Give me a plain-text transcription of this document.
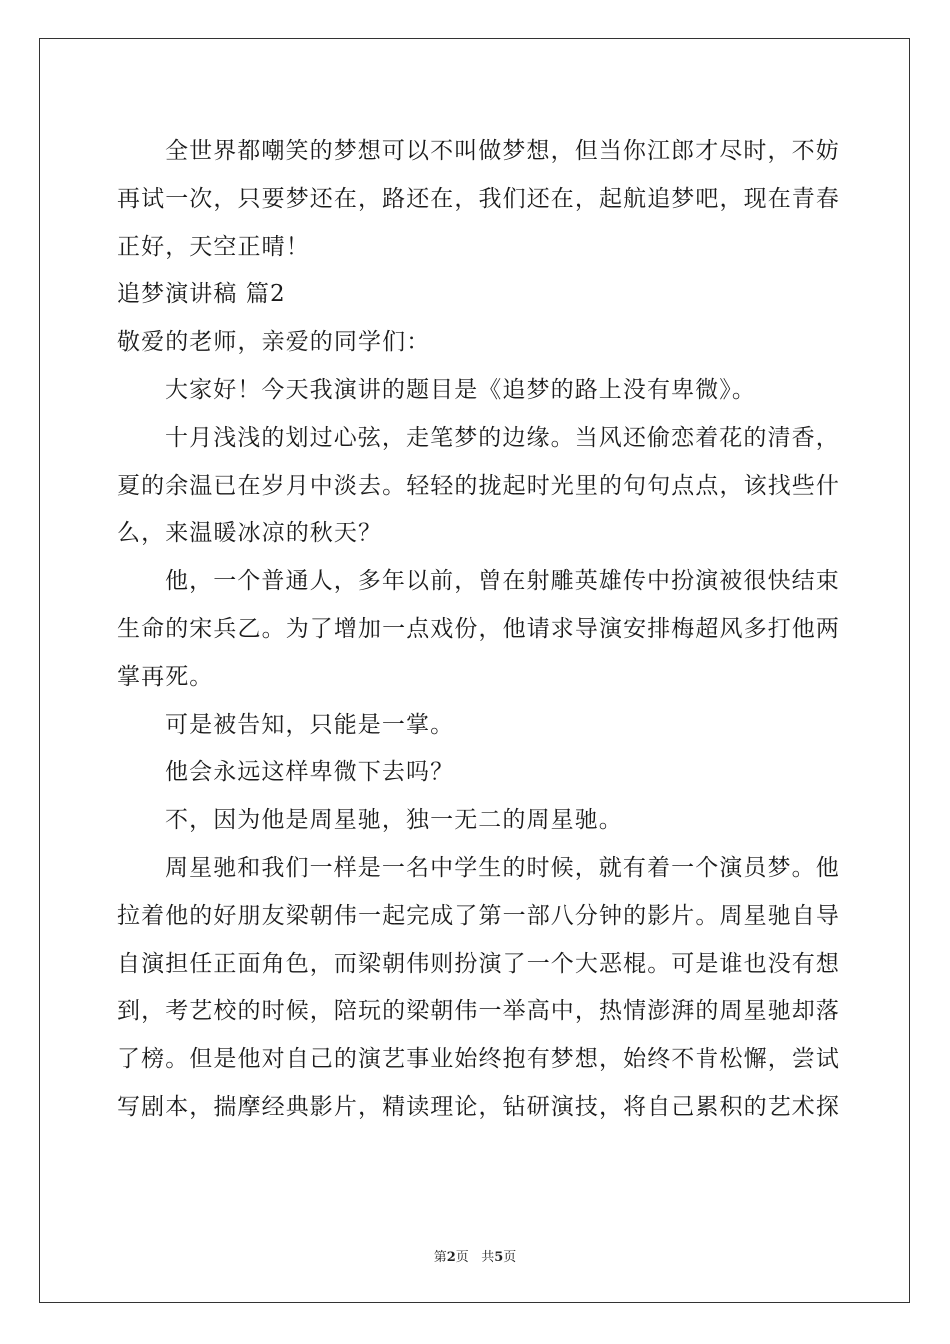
全世界都嘲笑的梦想可以不叫做梦想，但当你江郎才尽时，不妨
再试一次，只要梦还在，路还在，我们还在，起航追梦吧，现在青春
正好，天空正晴！
追梦演讲稿 篇2
敬爱的老师，亲爱的同学们：
大家好！今天我演讲的题目是《追梦的路上没有卑微》。
十月浅浅的划过心弦，走笔梦的边缘。当风还偷恋着花的清香，
夏的余温已在岁月中淡去。轻轻的拢起时光里的句句点点，该找些什
么，来温暖冰凉的秋天？
他，一个普通人，多年以前，曾在射雕英雄传中扮演被很快结束
生命的宋兵乙。为了增加一点戏份，他请求导演安排梅超风多打他两
掌再死。
可是被告知，只能是一掌。
他会永远这样卑微下去吗？
不，因为他是周星驰，独一无二的周星驰。
周星驰和我们一样是一名中学生的时候，就有着一个演员梦。他
拉着他的好朋友梁朝伟一起完成了第一部八分钟的影片。周星驰自导
自演担任正面角色，而梁朝伟则扮演了一个大恶棍。可是谁也没有想
到，考艺校的时候，陪玩的梁朝伟一举高中，热情澎湃的周星驰却落
了榜。但是他对自己的演艺事业始终抱有梦想，始终不肯松懈，尝试
写剧本，揣摩经典影片，精读理论，钻研演技，将自己累积的艺术探
第2页 共5页
